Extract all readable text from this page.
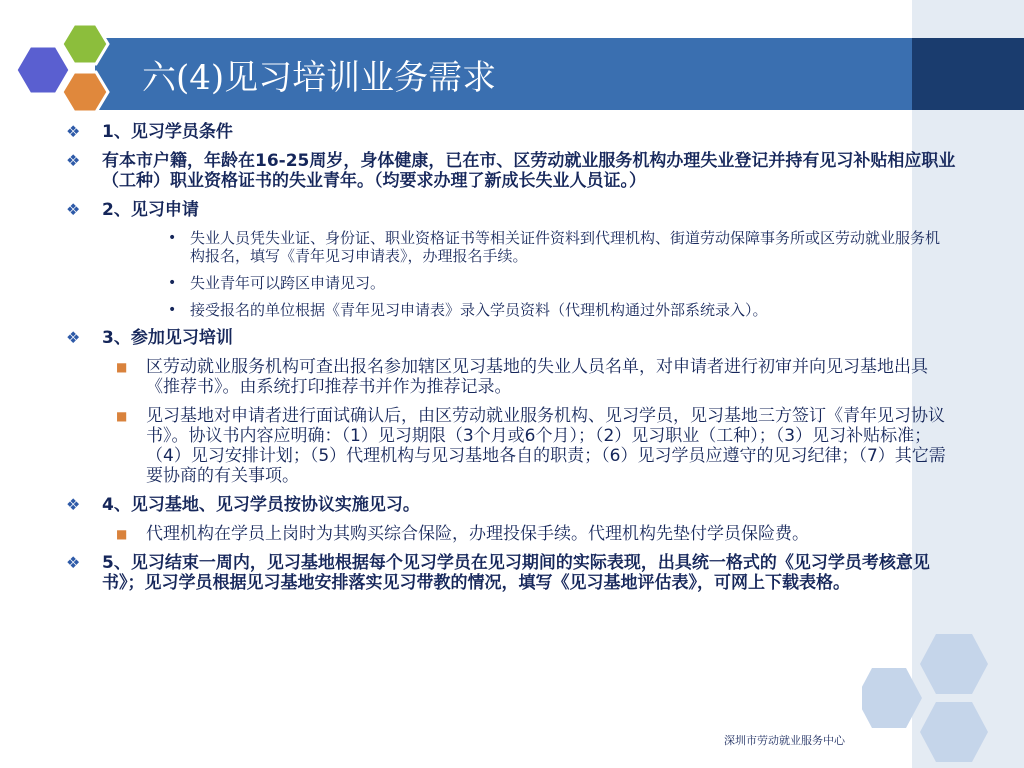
六(4)见习培训业务需求
❖ 1、见习学员条件
❖ 有本市户籍，年龄在16-25周岁，身体健康，已在市、区劳动就业服务机构办理失业登记并持有见习补贴相应职业（工种）职业资格证书的失业青年。（均要求办理了新成长失业人员证。）
❖ 2、见习申请
• 失业人员凭失业证、身份证、职业资格证书等相关证件资料到代理机构、街道劳动保障事务所或区劳动就业服务机构报名，填写《青年见习申请表》，办理报名手续。
• 失业青年可以跨区申请见习。
• 接受报名的单位根据《青年见习申请表》录入学员资料（代理机构通过外部系统录入）。
❖ 3、参加见习培训
■ 区劳动就业服务机构可查出报名参加辖区见习基地的失业人员名单，对申请者进行初审并向见习基地出具《推荐书》。由系统打印推荐书并作为推荐记录。
■ 见习基地对申请者进行面试确认后，由区劳动就业服务机构、见习学员，见习基地三方签订《青年见习协议书》。协议书内容应明确：（1）见习期限（3个月或6个月）；（2）见习职业（工种）；（3）见习补贴标准；（4）见习安排计划；（5）代理机构与见习基地各自的职责；（6）见习学员应遵守的见习纪律；（7）其它需要协商的有关事项。
❖ 4、见习基地、见习学员按协议实施见习。
■ 代理机构在学员上岗时为其购买综合保险，办理投保手续。代理机构先垫付学员保险费。
❖ 5、见习结束一周内，见习基地根据每个见习学员在见习期间的实际表现，出具统一格式的《见习学员考核意见书》；见习学员根据见习基地安排落实见习带教的情况，填写《见习基地评估表》，可网上下载表格。
深圳市劳动就业服务中心
